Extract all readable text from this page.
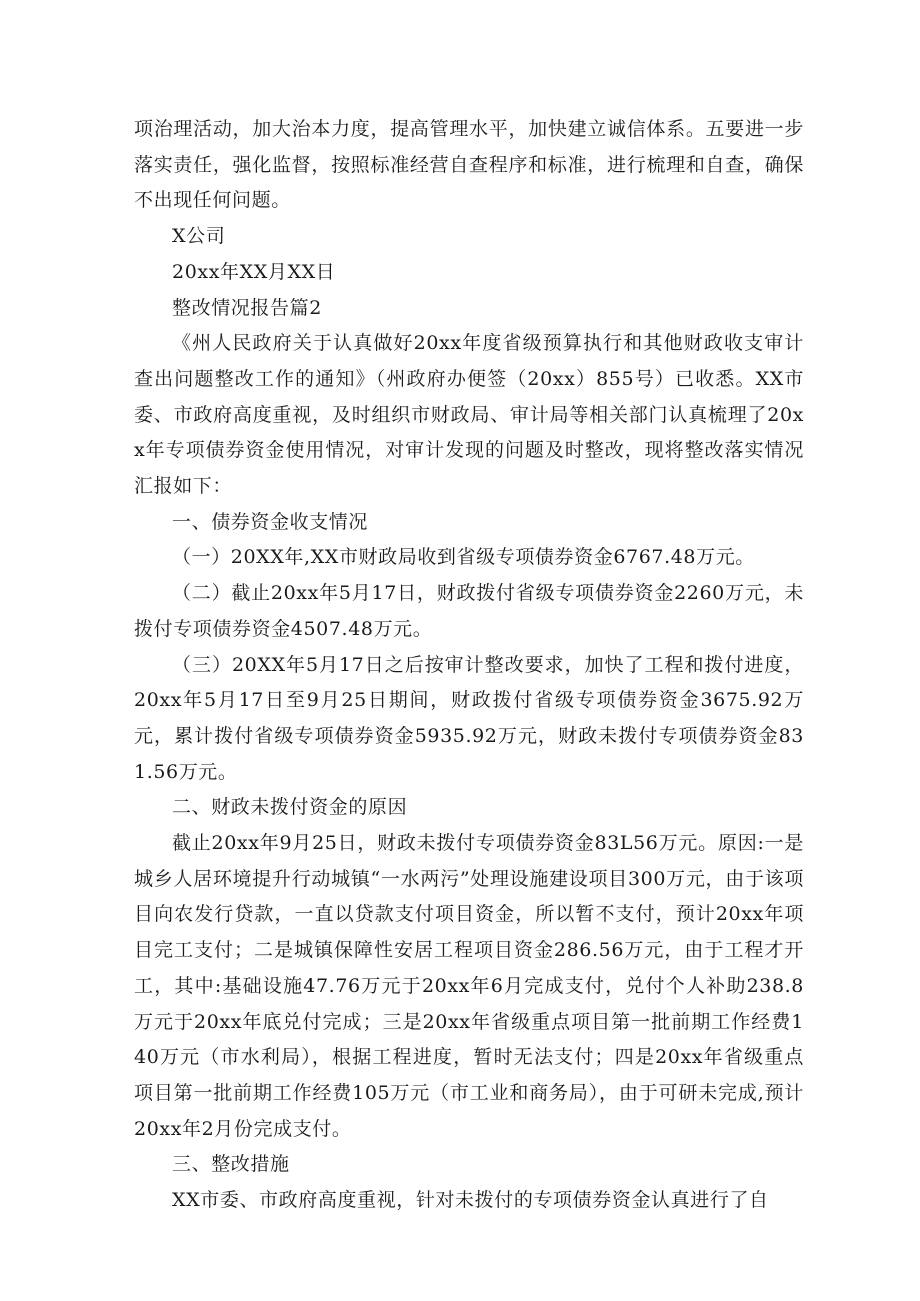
项治理活动，加大治本力度，提高管理水平，加快建立诚信体系。五要进一步落实责任，强化监督，按照标准经营自查程序和标准，进行梳理和自查，确保不出现任何问题。

X公司

20xx年XX月XX日

整改情况报告篇2

《州人民政府关于认真做好20xx年度省级预算执行和其他财政收支审计查出问题整改工作的通知》（州政府办便签（20xx）855号）已收悉。XX市委、市政府高度重视，及时组织市财政局、审计局等相关部门认真梳理了20xx年专项债券资金使用情况，对审计发现的问题及时整改，现将整改落实情况汇报如下：

一、债券资金收支情况

（一）20XX年,XX市财政局收到省级专项债券资金6767.48万元。

（二）截止20xx年5月17日，财政拨付省级专项债券资金2260万元，未拨付专项债券资金4507.48万元。

（三）20XX年5月17日之后按审计整改要求，加快了工程和拨付进度，20xx年5月17日至9月25日期间，财政拨付省级专项债券资金3675.92万元，累计拨付省级专项债券资金5935.92万元，财政未拨付专项债券资金831.56万元。

二、财政未拨付资金的原因

截止20xx年9月25日，财政未拨付专项债券资金83L56万元。原因:一是城乡人居环境提升行动城镇“一水两污”处理设施建设项目300万元，由于该项目向农发行贷款，一直以贷款支付项目资金，所以暂不支付，预计20xx年项目完工支付；二是城镇保障性安居工程项目资金286.56万元，由于工程才开工，其中:基础设施47.76万元于20xx年6月完成支付，兑付个人补助238.8万元于20xx年底兑付完成；三是20xx年省级重点项目第一批前期工作经费140万元（市水利局），根据工程进度，暂时无法支付；四是20xx年省级重点项目第一批前期工作经费105万元（市工业和商务局），由于可研未完成,预计20xx年2月份完成支付。

三、整改措施

XX市委、市政府高度重视，针对未拨付的专项债券资金认真进行了自
